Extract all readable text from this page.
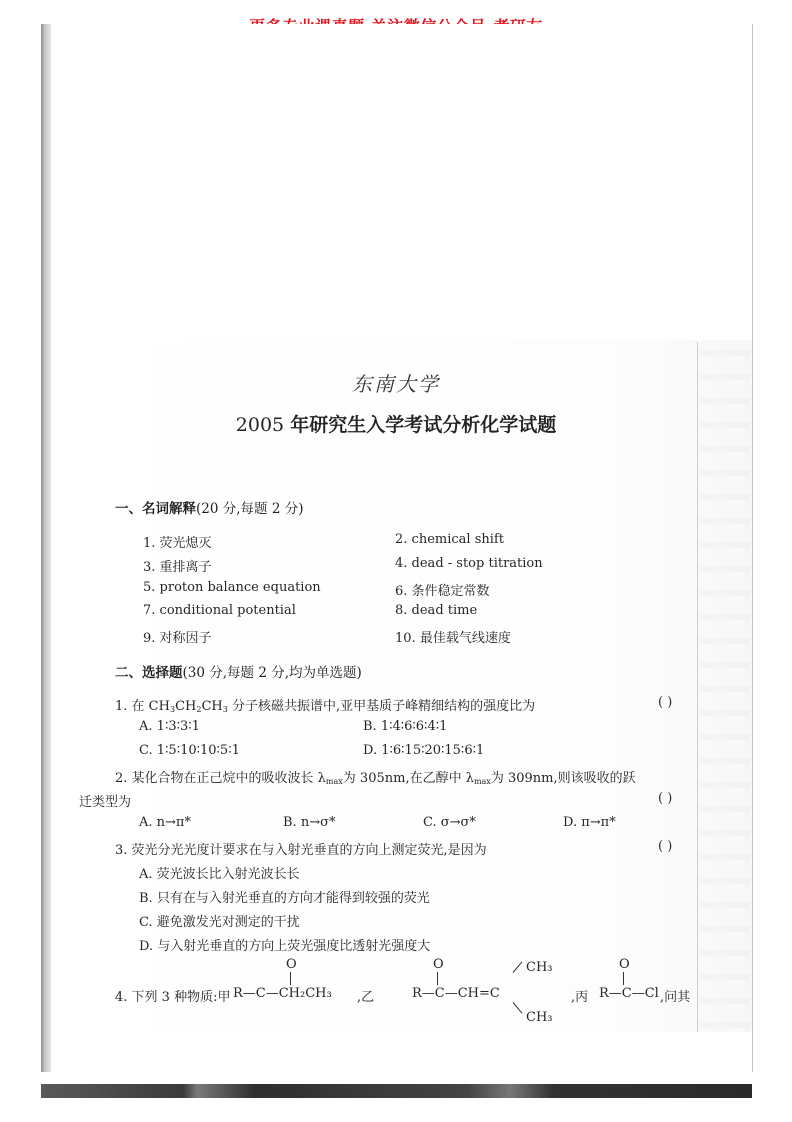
东南大学
2005 年研究生入学考试分析化学试题
一、名词解释(20 分,每题 2 分)
1. 荧光熄灭	2. chemical shift
3. 重排离子	4. dead - stop titration
5. proton balance equation	6. 条件稳定常数
7. conditional potential	8. dead time
9. 对称因子	10. 最佳载气线速度
二、选择题(30 分,每题 2 分,均为单选题)
1. 在 $CH_3CH_2CH_3$ 分子核磁共振谱中,亚甲基质子峰精细结构的强度比为	( )
A. 1∶3∶3∶1	B. 1∶4∶6∶6∶4∶1
C. 1∶5∶10∶10∶5∶1	D. 1∶6∶15∶20∶15∶6∶1
2. 某化合物在正己烷中的吸收波长 $\lambda_{max}$为 305nm,在乙醇中 $\lambda_{max}$为 309nm,则该吸收的跃
迁类型为	( )
A. n→π*	B. n→σ*	C. σ→σ*	D. π→π*
3. 荧光分光光度计要求在与入射光垂直的方向上测定荧光,是因为	( )
A. 荧光波长比入射光波长长
B. 只有在与入射光垂直的方向才能得到较强的荧光
C. 避免激发光对测定的干扰
D. 与入射光垂直的方向上荧光强度比透射光强度大
4. 下列 3 种物质:甲 R—C—CH₂CH₃
O
,乙	R—C—CH=C
O	CH₃
CH₃
,丙 R—C—Cl
O
,问其
